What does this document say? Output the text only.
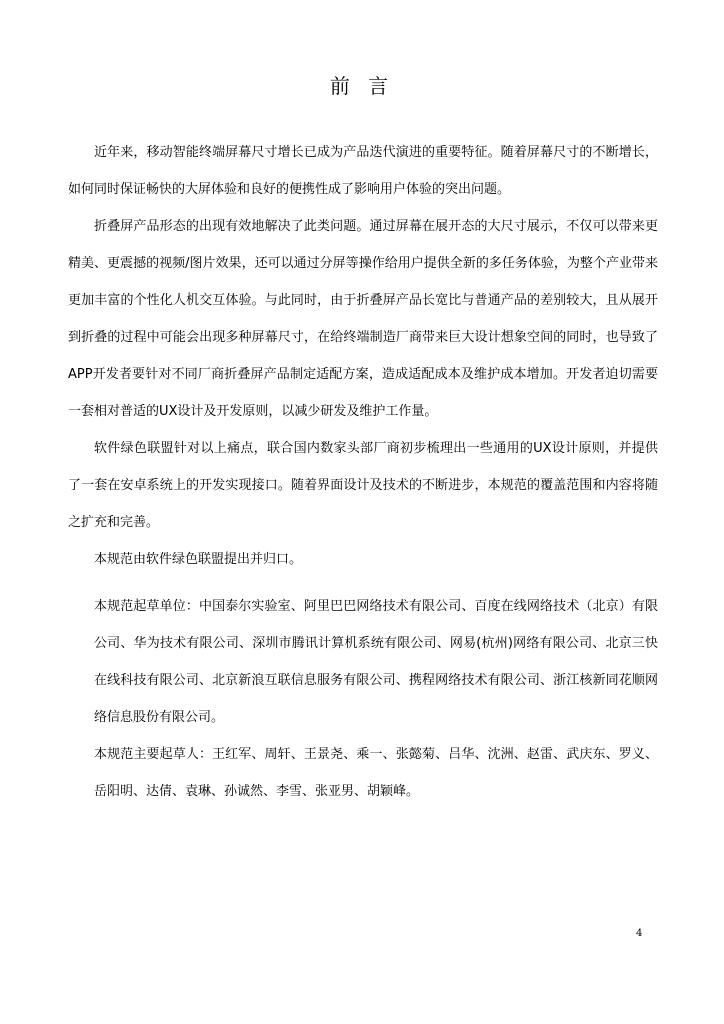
前 言

近年来，移动智能终端屏幕尺寸增长已成为产品迭代演进的重要特征。随着屏幕尺寸的不断增长，如何同时保证畅快的大屏体验和良好的便携性成了影响用户体验的突出问题。

折叠屏产品形态的出现有效地解决了此类问题。通过屏幕在展开态的大尺寸展示，不仅可以带来更精美、更震撼的视频/图片效果，还可以通过分屏等操作给用户提供全新的多任务体验，为整个产业带来更加丰富的个性化人机交互体验。与此同时，由于折叠屏产品长宽比与普通产品的差别较大，且从展开到折叠的过程中可能会出现多种屏幕尺寸，在给终端制造厂商带来巨大设计想象空间的同时，也导致了APP开发者要针对不同厂商折叠屏产品制定适配方案，造成适配成本及维护成本增加。开发者迫切需要一套相对普适的UX设计及开发原则，以减少研发及维护工作量。

软件绿色联盟针对以上痛点，联合国内数家头部厂商初步梳理出一些通用的UX设计原则，并提供了一套在安卓系统上的开发实现接口。随着界面设计及技术的不断进步，本规范的覆盖范围和内容将随之扩充和完善。

本规范由软件绿色联盟提出并归口。

本规范起草单位：中国泰尔实验室、阿里巴巴网络技术有限公司、百度在线网络技术（北京）有限公司、华为技术有限公司、深圳市腾讯计算机系统有限公司、网易(杭州)网络有限公司、北京三快在线科技有限公司、北京新浪互联信息服务有限公司、携程网络技术有限公司、浙江核新同花顺网络信息股份有限公司。

本规范主要起草人：王红军、周轩、王景尧、乘一、张懿菊、吕华、沈洲、赵雷、武庆东、罗义、岳阳明、达倩、袁琳、孙诚然、李雪、张亚男、胡颖峰。

4
